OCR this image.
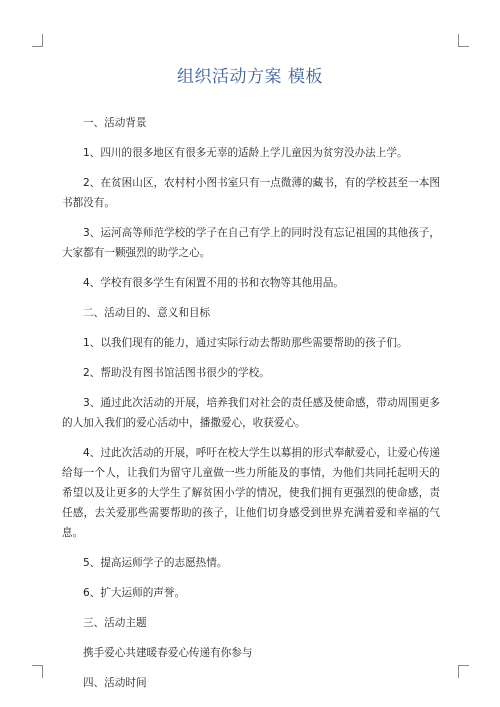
组织活动方案 模板

一、活动背景

1、四川的很多地区有很多无辜的适龄上学儿童因为贫穷没办法上学。

2、在贫困山区，农村村小图书室只有一点微薄的藏书，有的学校甚至一本图书都没有。

3、运河高等师范学校的学子在自己有学上的同时没有忘记祖国的其他孩子，大家都有一颗强烈的助学之心。

4、学校有很多学生有闲置不用的书和衣物等其他用品。

二、活动目的、意义和目标

1、以我们现有的能力，通过实际行动去帮助那些需要帮助的孩子们。

2、帮助没有图书馆活图书很少的学校。

3、通过此次活动的开展，培养我们对社会的责任感及使命感，带动周围更多的人加入我们的爱心活动中，播撒爱心，收获爱心。

4、过此次活动的开展，呼吁在校大学生以募捐的形式奉献爱心，让爱心传递给每一个人，让我们为留守儿童做一些力所能及的事情，为他们共同托起明天的希望以及让更多的大学生了解贫困小学的情况，使我们拥有更强烈的使命感，责任感，去关爱那些需要帮助的孩子，让他们切身感受到世界充满着爱和幸福的气息。

5、提高运师学子的志愿热情。

6、扩大运师的声誉。

三、活动主题

携手爱心共建暖春爱心传递有你参与

四、活动时间
